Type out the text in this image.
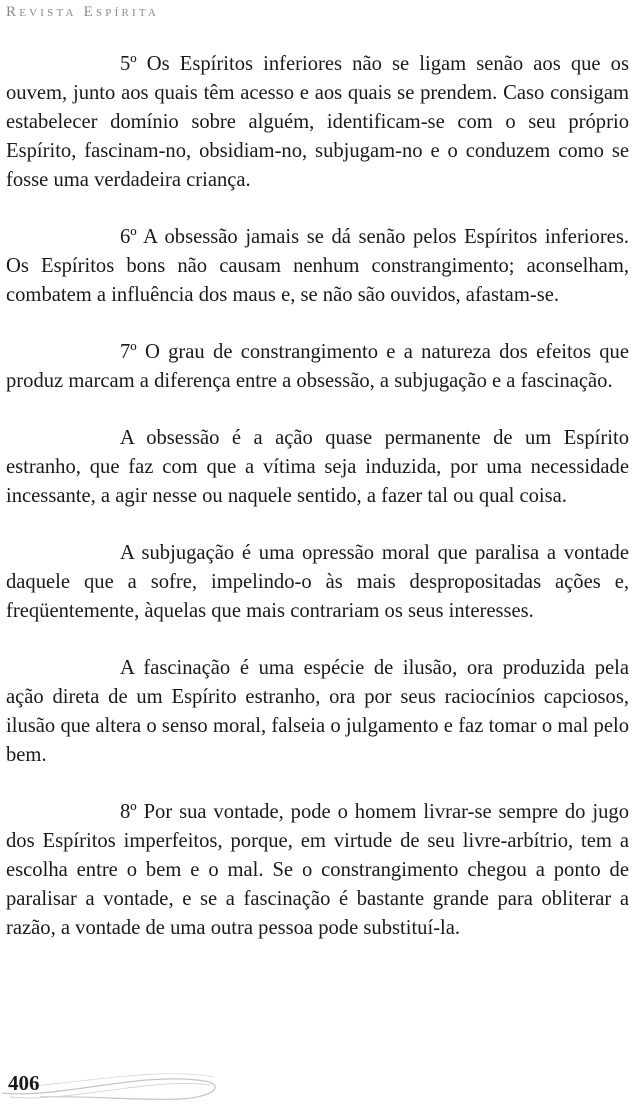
Revista Espírita

5º Os Espíritos inferiores não se ligam senão aos que os ouvem, junto aos quais têm acesso e aos quais se prendem. Caso consigam estabelecer domínio sobre alguém, identificam-se com o seu próprio Espírito, fascinam-no, obsidiam-no, subjugam-no e o conduzem como se fosse uma verdadeira criança.

6º A obsessão jamais se dá senão pelos Espíritos inferiores. Os Espíritos bons não causam nenhum constrangimento; aconselham, combatem a influência dos maus e, se não são ouvidos, afastam-se.

7º O grau de constrangimento e a natureza dos efeitos que produz marcam a diferença entre a obsessão, a subjugação e a fascinação.

A obsessão é a ação quase permanente de um Espírito estranho, que faz com que a vítima seja induzida, por uma necessidade incessante, a agir nesse ou naquele sentido, a fazer tal ou qual coisa.

A subjugação é uma opressão moral que paralisa a vontade daquele que a sofre, impelindo-o às mais despropositadas ações e, freqüentemente, àquelas que mais contrariam os seus interesses.

A fascinação é uma espécie de ilusão, ora produzida pela ação direta de um Espírito estranho, ora por seus raciocínios capciosos, ilusão que altera o senso moral, falseia o julgamento e faz tomar o mal pelo bem.

8º Por sua vontade, pode o homem livrar-se sempre do jugo dos Espíritos imperfeitos, porque, em virtude de seu livre-arbítrio, tem a escolha entre o bem e o mal. Se o constrangimento chegou a ponto de paralisar a vontade, e se a fascinação é bastante grande para obliterar a razão, a vontade de uma outra pessoa pode substituí-la.

406
